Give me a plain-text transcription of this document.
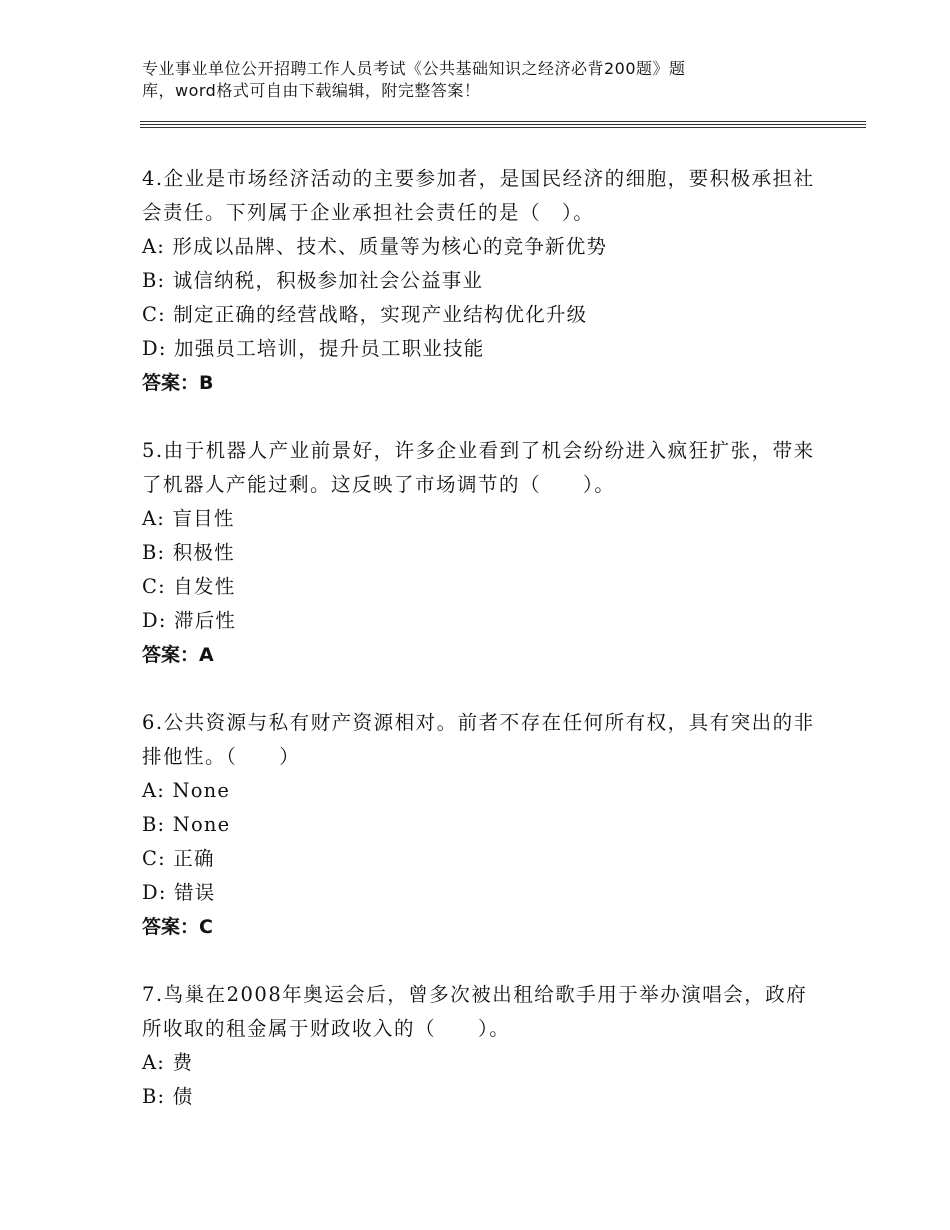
专业事业单位公开招聘工作人员考试《公共基础知识之经济必背200题》题
库，word格式可自由下载编辑，附完整答案！
4.企业是市场经济活动的主要参加者，是国民经济的细胞，要积极承担社会责任。下列属于企业承担社会责任的是（　）。
A: 形成以品牌、技术、质量等为核心的竞争新优势
B: 诚信纳税，积极参加社会公益事业
C: 制定正确的经营战略，实现产业结构优化升级
D: 加强员工培训，提升员工职业技能
答案：B
5.由于机器人产业前景好，许多企业看到了机会纷纷进入疯狂扩张，带来了机器人产能过剩。这反映了市场调节的（　　）。
A: 盲目性
B: 积极性
C: 自发性
D: 滞后性
答案：A
6.公共资源与私有财产资源相对。前者不存在任何所有权，具有突出的非排他性。（　　）
A: None
B: None
C: 正确
D: 错误
答案：C
7.鸟巢在2008年奥运会后，曾多次被出租给歌手用于举办演唱会，政府所收取的租金属于财政收入的（　　）。
A: 费
B: 债
